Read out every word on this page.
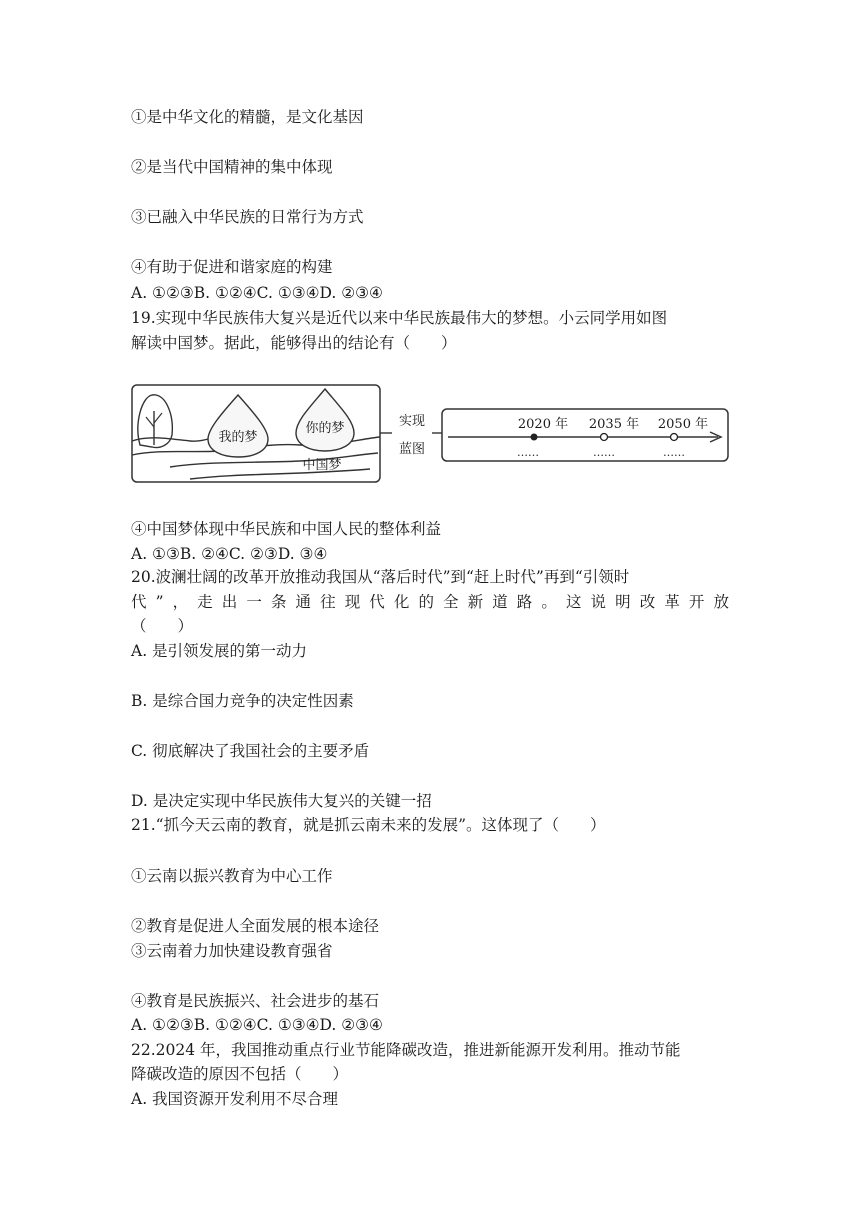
①是中华文化的精髓，是文化基因
②是当代中国精神的集中体现
③已融入中华民族的日常行为方式
④有助于促进和谐家庭的构建
A. ①②③B. ①②④C. ①③④D. ②③④
19.实现中华民族伟大复兴是近代以来中华民族最伟大的梦想。小云同学用如图
解读中国梦。据此，能够得出的结论有（　　）
我的梦
你的梦
中国梦
实现
蓝图
2020 年
……
2035 年
……
2050 年
……
④中国梦体现中华民族和中国人民的整体利益
A. ①③B. ②④C. ②③D. ③④
20.波澜壮阔的改革开放推动我国从“落后时代”到“赶上时代”再到“引领时
代”，走出一条通往现代化的全新道路。这说明改革开放
（　　）
A. 是引领发展的第一动力
B. 是综合国力竞争的决定性因素
C. 彻底解决了我国社会的主要矛盾
D. 是决定实现中华民族伟大复兴的关键一招
21.“抓今天云南的教育，就是抓云南未来的发展”。这体现了（　　）
①云南以振兴教育为中心工作
②教育是促进人全面发展的根本途径
③云南着力加快建设教育强省
④教育是民族振兴、社会进步的基石
A. ①②③B. ①②④C. ①③④D. ②③④
22.2024 年，我国推动重点行业节能降碳改造，推进新能源开发利用。推动节能
降碳改造的原因不包括（　　）
A. 我国资源开发利用不尽合理
